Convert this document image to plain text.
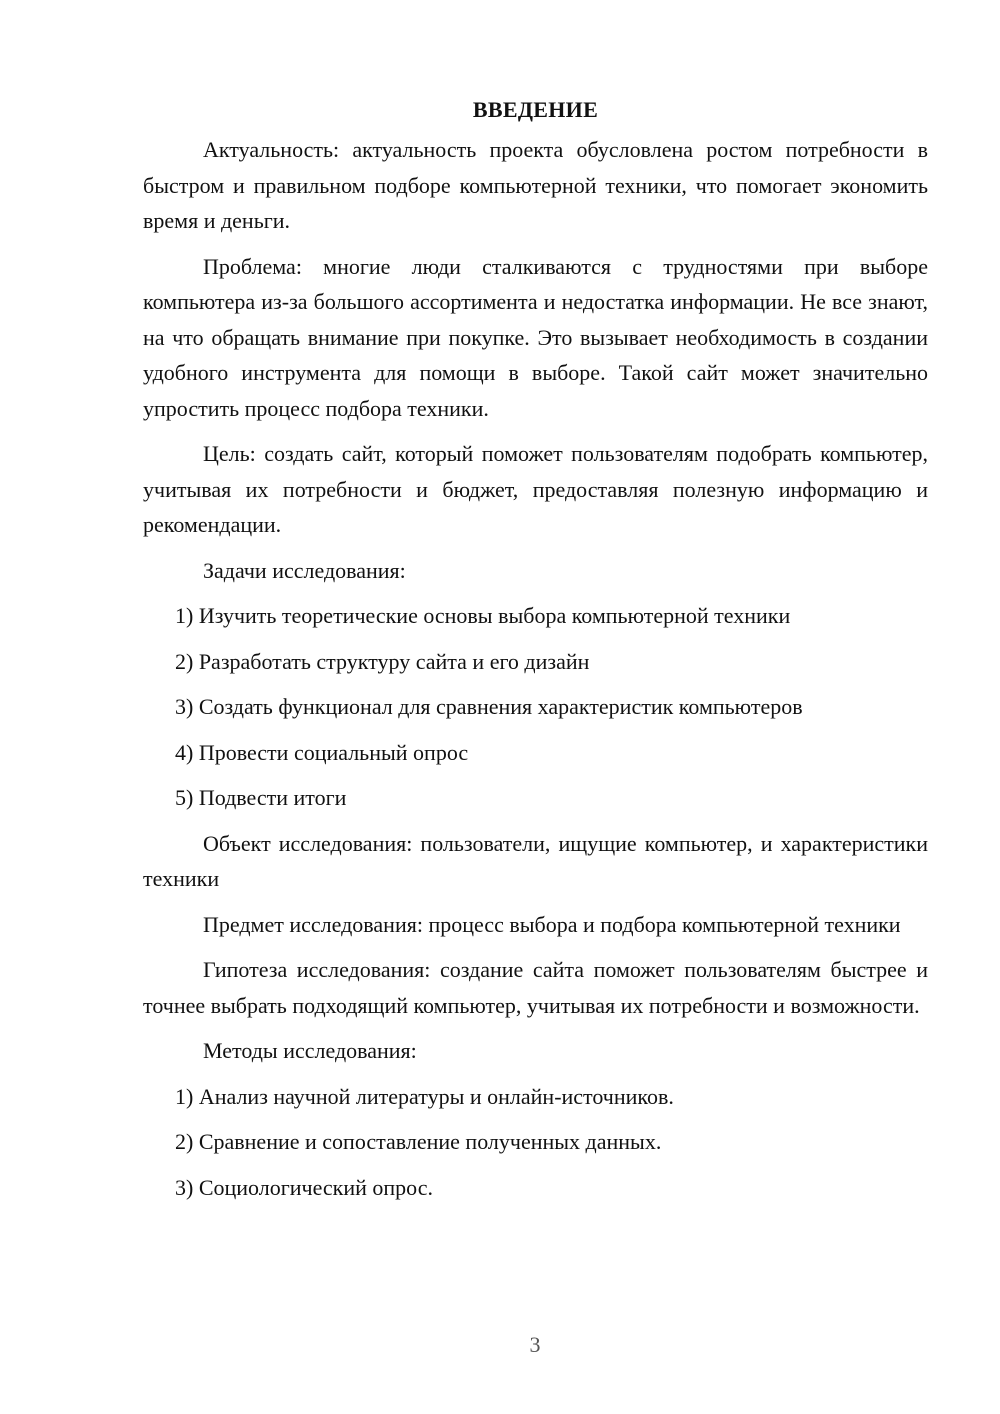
ВВЕДЕНИЕ

Актуальность: актуальность проекта обусловлена ростом потребности в быстром и правильном подборе компьютерной техники, что помогает экономить время и деньги.

Проблема: многие люди сталкиваются с трудностями при выборе компьютера из-за большого ассортимента и недостатка информации. Не все знают, на что обращать внимание при покупке. Это вызывает необходимость в создании удобного инструмента для помощи в выборе. Такой сайт может значительно упростить процесс подбора техники.

Цель: создать сайт, который поможет пользователям подобрать компьютер, учитывая их потребности и бюджет, предоставляя полезную информацию и рекомендации.

Задачи исследования:

1) Изучить теоретические основы выбора компьютерной техники
2) Разработать структуру сайта и его дизайн
3) Создать функционал для сравнения характеристик компьютеров
4) Провести социальный опрос
5) Подвести итоги

Объект исследования: пользователи, ищущие компьютер, и характеристики техники

Предмет исследования: процесс выбора и подбора компьютерной техники

Гипотеза исследования: создание сайта поможет пользователям быстрее и точнее выбрать подходящий компьютер, учитывая их потребности и возможности.

Методы исследования:

1) Анализ научной литературы и онлайн-источников.
2) Сравнение и сопоставление полученных данных.
3) Социологический опрос.
3
